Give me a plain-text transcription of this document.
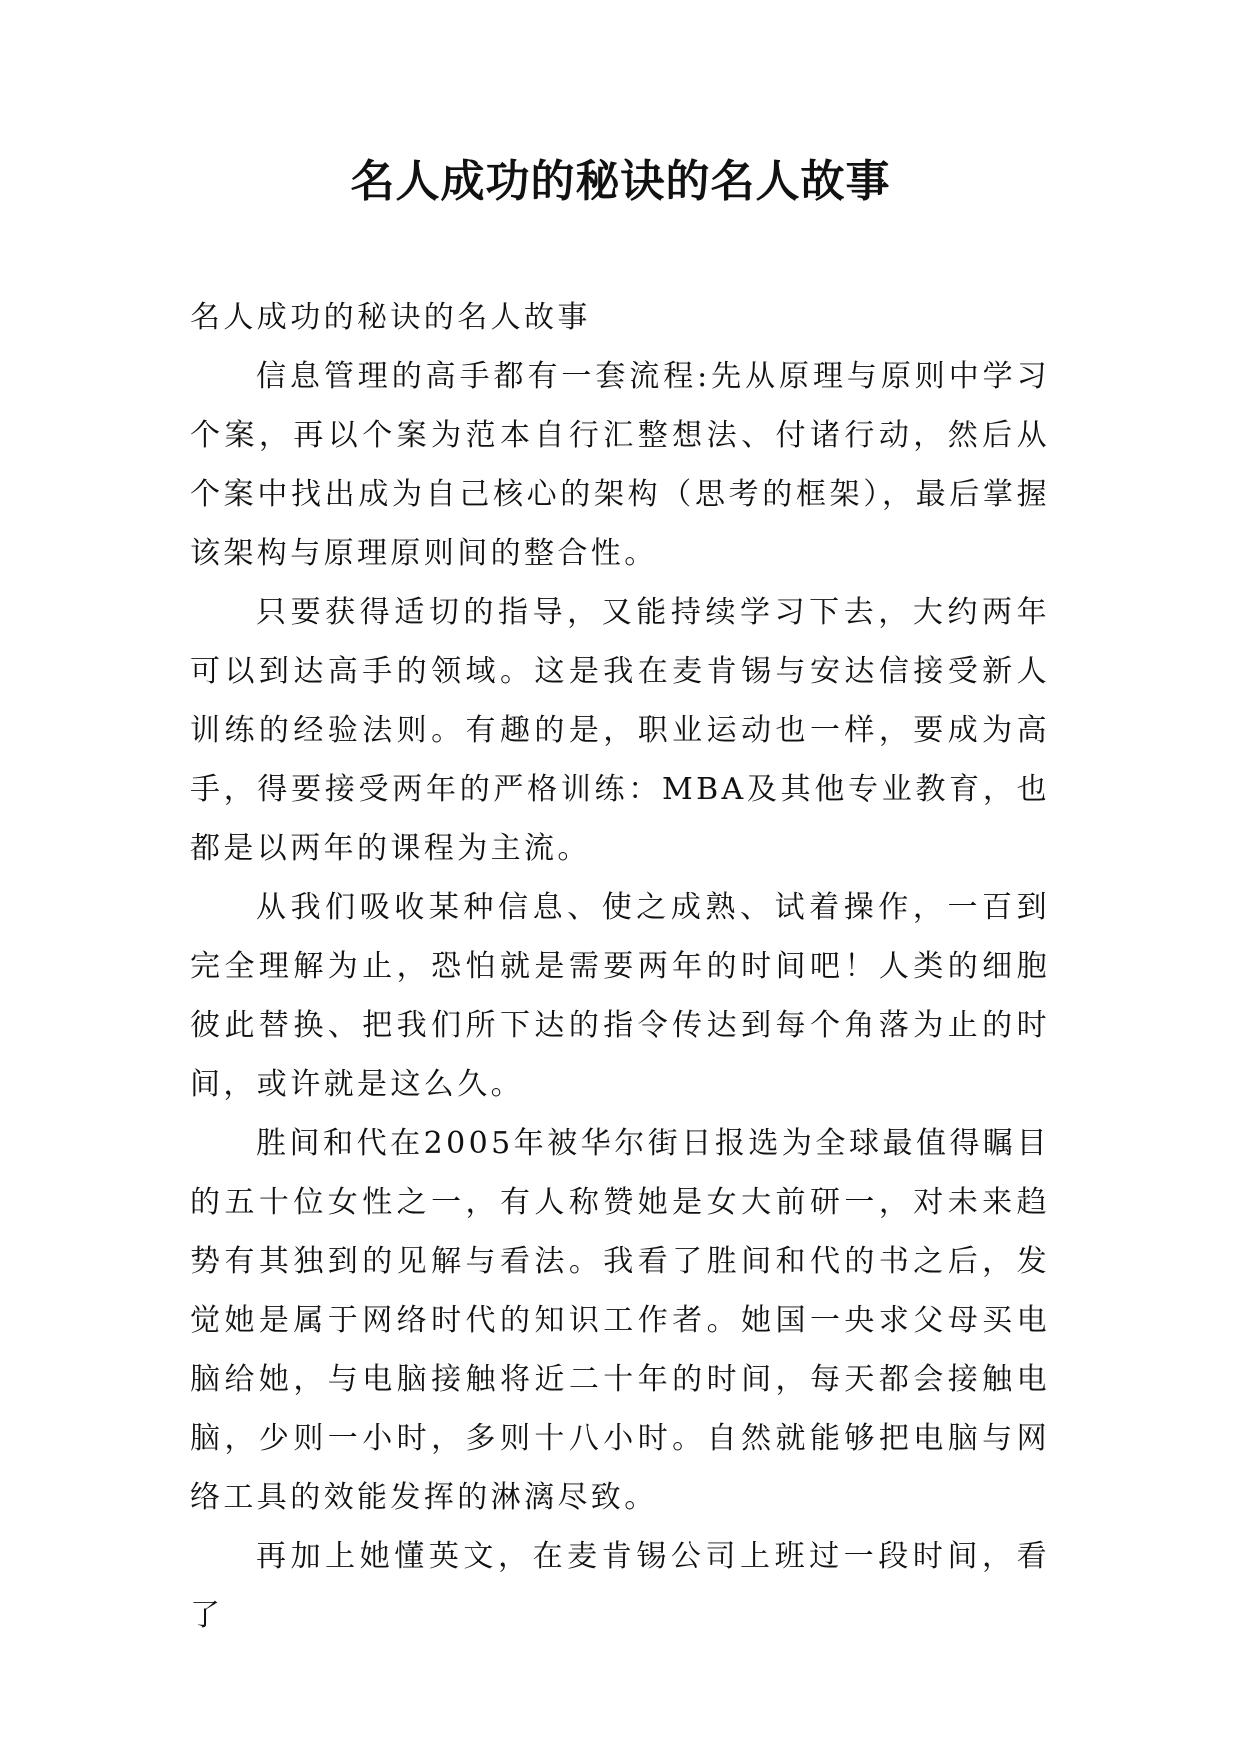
名人成功的秘诀的名人故事

名人成功的秘诀的名人故事

信息管理的高手都有一套流程:先从原理与原则中学习个案，再以个案为范本自行汇整想法、付诸行动，然后从个案中找出成为自己核心的架构（思考的框架），最后掌握该架构与原理原则间的整合性。

只要获得适切的指导，又能持续学习下去，大约两年可以到达高手的领域。这是我在麦肯锡与安达信接受新人训练的经验法则。有趣的是，职业运动也一样，要成为高手，得要接受两年的严格训练：MBA及其他专业教育，也都是以两年的课程为主流。

从我们吸收某种信息、使之成熟、试着操作，一百到完全理解为止，恐怕就是需要两年的时间吧！人类的细胞彼此替换、把我们所下达的指令传达到每个角落为止的时间，或许就是这么久。

胜间和代在2005年被华尔街日报选为全球最值得瞩目的五十位女性之一，有人称赞她是女大前研一，对未来趋势有其独到的见解与看法。我看了胜间和代的书之后，发觉她是属于网络时代的知识工作者。她国一央求父母买电脑给她，与电脑接触将近二十年的时间，每天都会接触电脑，少则一小时，多则十八小时。自然就能够把电脑与网络工具的效能发挥的淋漓尽致。

再加上她懂英文，在麦肯锡公司上班过一段时间，看了
